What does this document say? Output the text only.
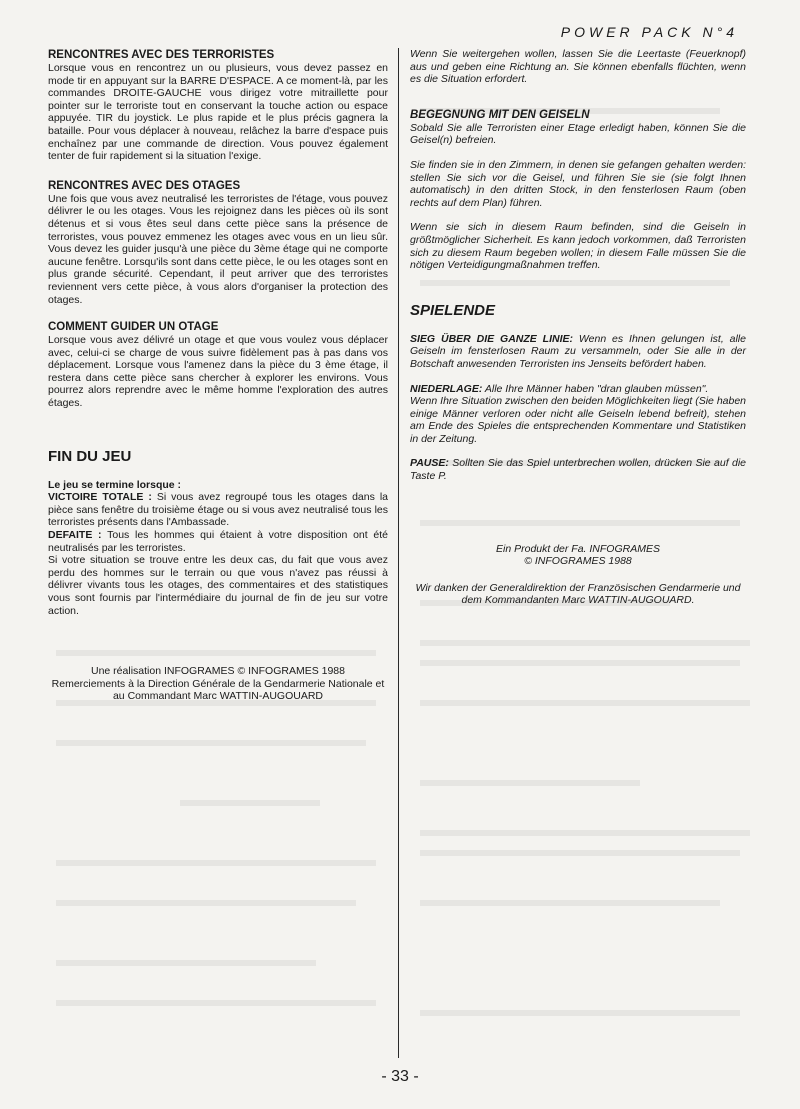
POWER PACK N°4

RENCONTRES AVEC DES TERRORISTES

Lorsque vous en rencontrez un ou plusieurs, vous devez passez en mode tir en appuyant sur la BARRE D'ESPACE. A ce moment-là, par les commandes DROITE-GAUCHE vous dirigez votre mitraillette pour pointer sur le terroriste tout en conservant la touche action ou espace appuyée. TIR du joystick. Le plus rapide et le plus précis gagnera la bataille. Pour vous déplacer à nouveau, relâchez la barre d'espace puis enchaînez par une commande de direction. Vous pouvez également tenter de fuir rapidement si la situation l'exige.

RENCONTRES AVEC DES OTAGES

Une fois que vous avez neutralisé les terroristes de l'étage, vous pouvez délivrer le ou les otages. Vous les rejoignez dans les pièces où ils sont détenus et si vous êtes seul dans cette pièce sans la présence de terroristes, vous pouvez emmenez les otages avec vous en un lieu sûr. Vous devez les guider jusqu'à une pièce du 3ème étage qui ne comporte aucune fenêtre. Lorsqu'ils sont dans cette pièce, le ou les otages sont en plus grande sécurité. Cependant, il peut arriver que des terroristes reviennent vers cette pièce, à vous alors d'organiser la protection des otages.

COMMENT GUIDER UN OTAGE

Lorsque vous avez délivré un otage et que vous voulez vous déplacer avec, celui-ci se charge de vous suivre fidèlement pas à pas dans vos déplacement. Lorsque vous l'amenez dans la pièce du 3 ème étage, il restera dans cette pièce sans chercher à explorer les environs. Vous pourrez alors reprendre avec le même homme l'exploration des autres étages.

FIN DU JEU

Le jeu se termine lorsque :

VICTOIRE TOTALE : Si vous avez regroupé tous les otages dans la pièce sans fenêtre du troisième étage ou si vous avez neutralisé tous les terroristes présents dans l'Ambassade.

DEFAITE : Tous les hommes qui étaient à votre disposition ont été neutralisés par les terroristes.

Si votre situation se trouve entre les deux cas, du fait que vous avez perdu des hommes sur le terrain ou que vous n'avez pas réussi à délivrer vivants tous les otages, des commentaires et des statistiques vous sont fournis par l'intermédiaire du journal de fin de jeu sur votre action.

Une réalisation INFOGRAMES © INFOGRAMES 1988

Remerciements à la Direction Générale de la Gendarmerie Nationale et au Commandant Marc WATTIN-AUGOUARD

Wenn Sie weitergehen wollen, lassen Sie die Leertaste (Feuerknopf) aus und geben eine Richtung an. Sie können ebenfalls flüchten, wenn es die Situation erfordert.

BEGEGNUNG MIT DEN GEISELN

Sobald Sie alle Terroristen einer Etage erledigt haben, können Sie die Geisel(n) befreien.

Sie finden sie in den Zimmern, in denen sie gefangen gehalten werden: stellen Sie sich vor die Geisel, und führen Sie sie (sie folgt Ihnen automatisch) in den dritten Stock, in den fensterlosen Raum (oben rechts auf dem Plan) führen.

Wenn sie sich in diesem Raum befinden, sind die Geiseln in größtmöglicher Sicherheit. Es kann jedoch vorkommen, daß Terroristen sich zu diesem Raum begeben wollen; in diesem Falle müssen Sie die nötigen Verteidigungmaßnahmen treffen.

SPIELENDE

SIEG ÜBER DIE GANZE LINIE: Wenn es Ihnen gelungen ist, alle Geiseln im fensterlosen Raum zu versammeln, oder Sie alle in der Botschaft anwesenden Terroristen ins Jenseits befördert haben.

NIEDERLAGE: Alle Ihre Männer haben "dran glauben müssen".

Wenn Ihre Situation zwischen den beiden Möglichkeiten liegt (Sie haben einige Männer verloren oder nicht alle Geiseln lebend befreit), stehen am Ende des Spieles die entsprechenden Kommentare und Statistiken in der Zeitung.

PAUSE: Sollten Sie das Spiel unterbrechen wollen, drücken Sie auf die Taste P.

Ein Produkt der Fa. INFOGRAMES

© INFOGRAMES 1988

Wir danken der Generaldirektion der Französischen Gendarmerie und dem Kommandanten Marc WATTIN-AUGOUARD.

- 33 -
